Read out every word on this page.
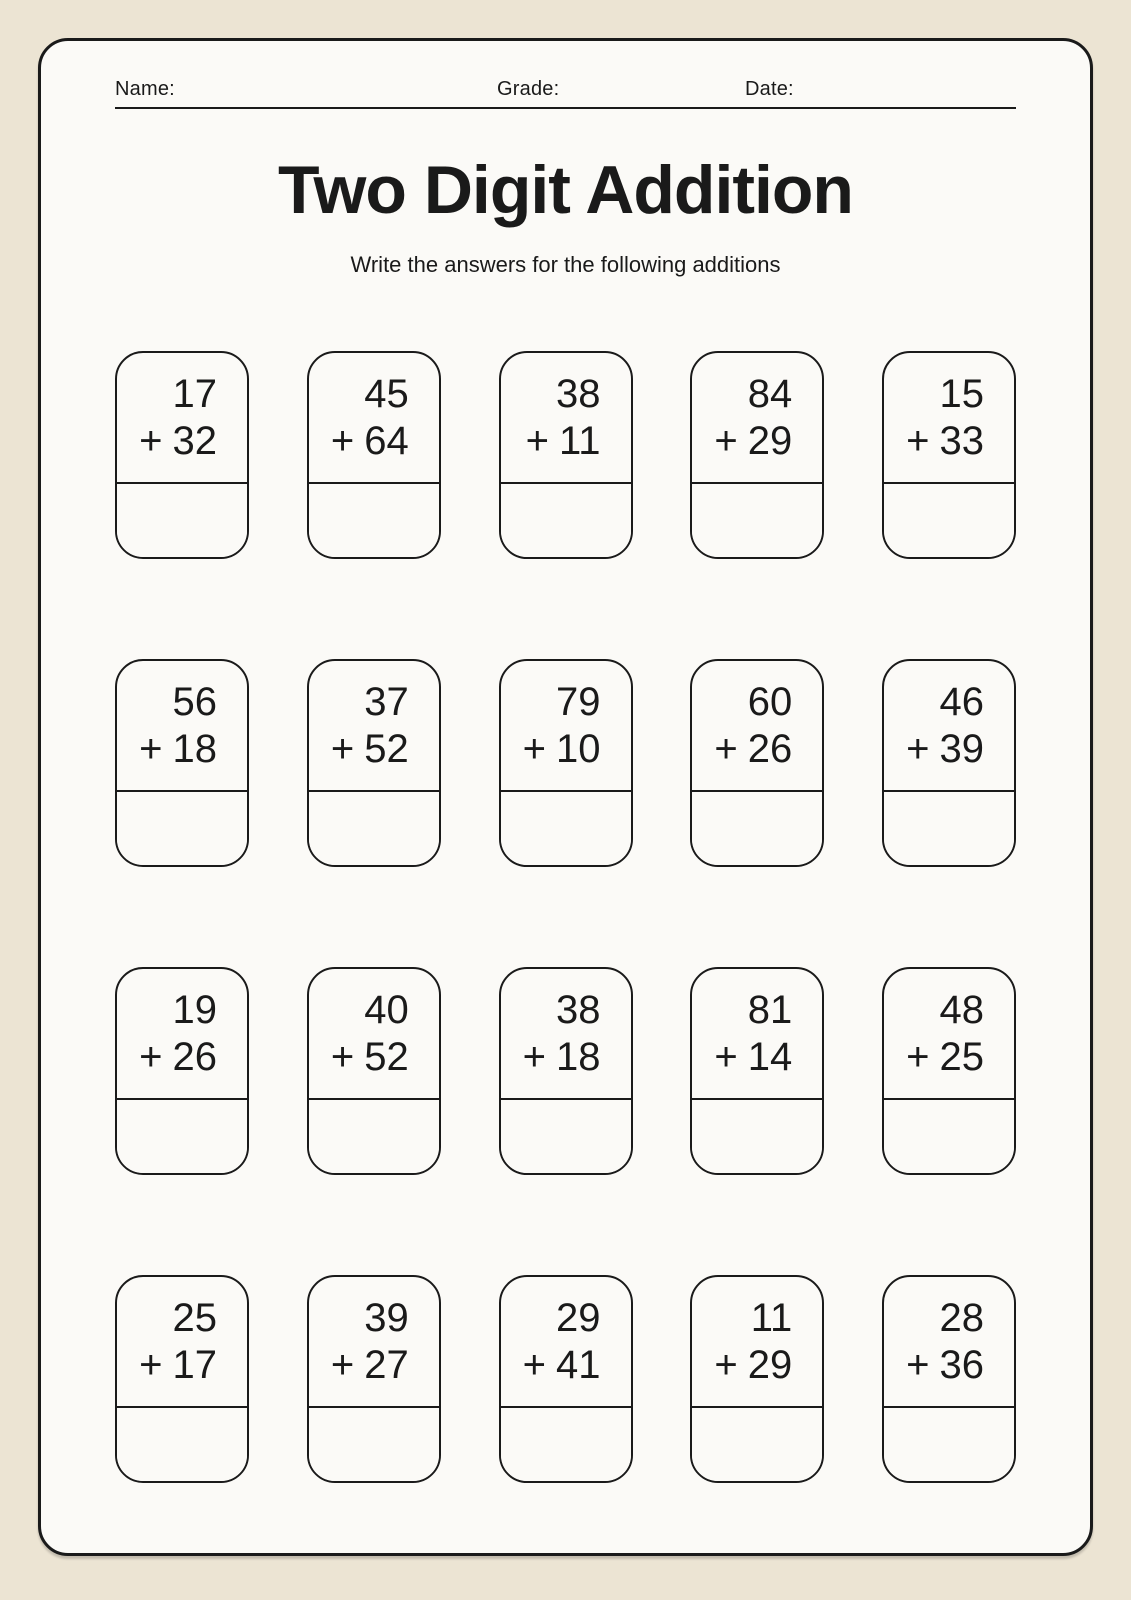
Name:	Grade:	Date:
Two Digit Addition

Write the answers for the following additions

17
+ 32
45
+ 64
38
+ 11
84
+ 29
15
+ 33
56
+ 18
37
+ 52
79
+ 10
60
+ 26
46
+ 39
19
+ 26
40
+ 52
38
+ 18
81
+ 14
48
+ 25
25
+ 17
39
+ 27
29
+ 41
11
+ 29
28
+ 36
